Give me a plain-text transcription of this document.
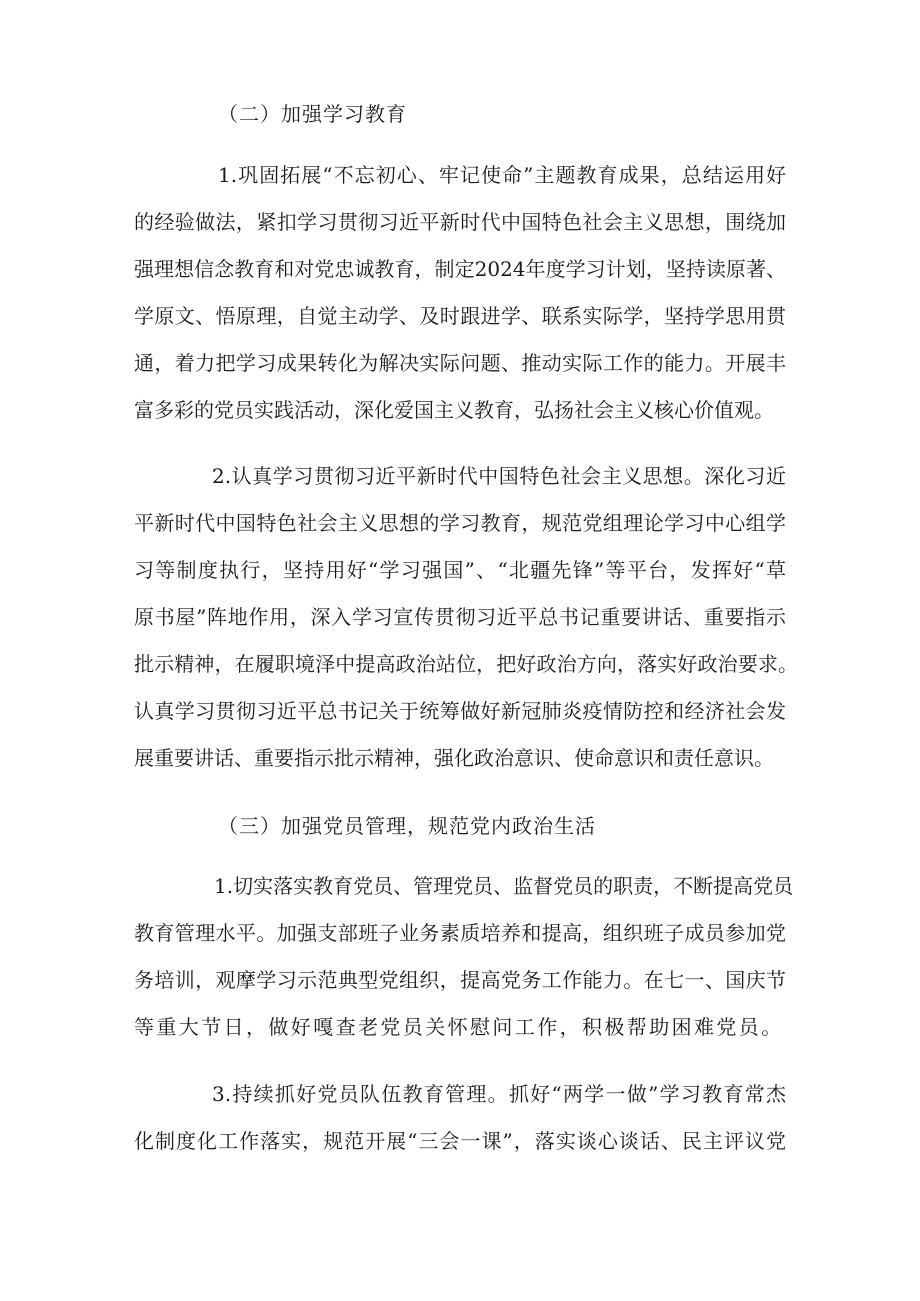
（二）加强学习教育
1.巩固拓展“不忘初心、牢记使命”主题教育成果，总结运用好
的经验做法，紧扣学习贯彻习近平新时代中国特色社会主义思想，围绕加
强理想信念教育和对党忠诚教育，制定2024年度学习计划，坚持读原著、
学原文、悟原理，自觉主动学、及时跟进学、联系实际学，坚持学思用贯
通，着力把学习成果转化为解决实际问题、推动实际工作的能力。开展丰
富多彩的党员实践活动，深化爱国主义教育，弘扬社会主义核心价值观。
2.认真学习贯彻习近平新时代中国特色社会主义思想。深化习近
平新时代中国特色社会主义思想的学习教育，规范党组理论学习中心组学
习等制度执行，坚持用好“学习强国”、“北疆先锋”等平台，发挥好“草
原书屋”阵地作用，深入学习宣传贯彻习近平总书记重要讲话、重要指示
批示精神，在履职境泽中提高政治站位，把好政治方向，落实好政治要求。
认真学习贯彻习近平总书记关于统筹做好新冠肺炎疫情防控和经济社会发
展重要讲话、重要指示批示精神，强化政治意识、使命意识和责任意识。
（三）加强党员管理，规范党内政治生活
1.切实落实教育党员、管理党员、监督党员的职责，不断提高党员
教育管理水平。加强支部班子业务素质培养和提高，组织班子成员参加党
务培训，观摩学习示范典型党组织，提高党务工作能力。在七一、国庆节
等重大节日，做好嘎查老党员关怀慰问工作，积极帮助困难党员。
3.持续抓好党员队伍教育管理。抓好“两学一做”学习教育常杰
化制度化工作落实，规范开展“三会一课”，落实谈心谈话、民主评议党
